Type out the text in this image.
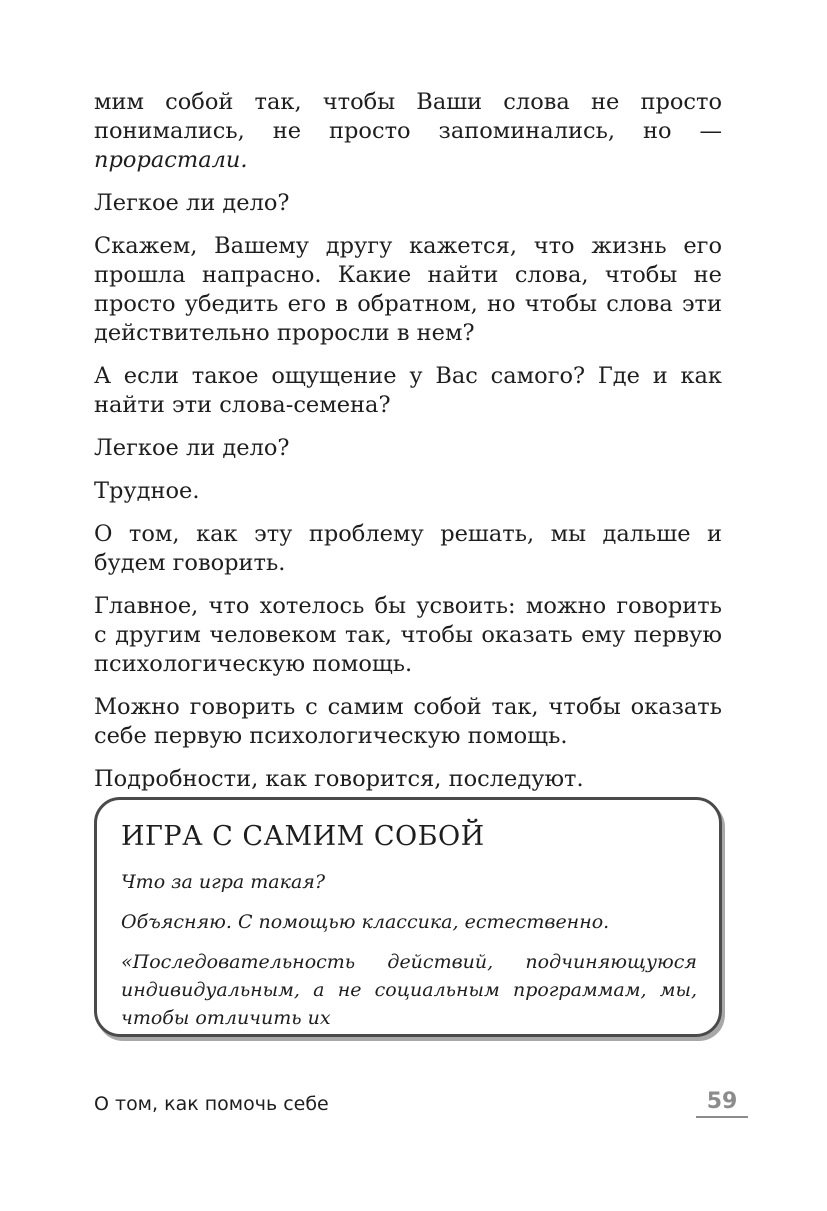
мим собой так, чтобы Ваши слова не просто понимались, не просто запоминались, но — прорастали.

Легкое ли дело?

Скажем, Вашему другу кажется, что жизнь его прошла напрасно. Какие найти слова, чтобы не просто убедить его в обратном, но чтобы слова эти действительно проросли в нем?

А если такое ощущение у Вас самого? Где и как найти эти слова-семена?

Легкое ли дело?

Трудное.

О том, как эту проблему решать, мы дальше и будем говорить.

Главное, что хотелось бы усвоить: можно говорить с другим человеком так, чтобы оказать ему первую психологическую помощь.

Можно говорить с самим собой так, чтобы оказать себе первую психологическую помощь.

Подробности, как говорится, последуют.

ИГРА С САМИМ СОБОЙ

Что за игра такая?

Объясняю. С помощью классика, естественно.

«Последовательность действий, подчиняющуюся индивидуальным, а не социальным программам, мы, чтобы отличить их

О том, как помочь себе	59
